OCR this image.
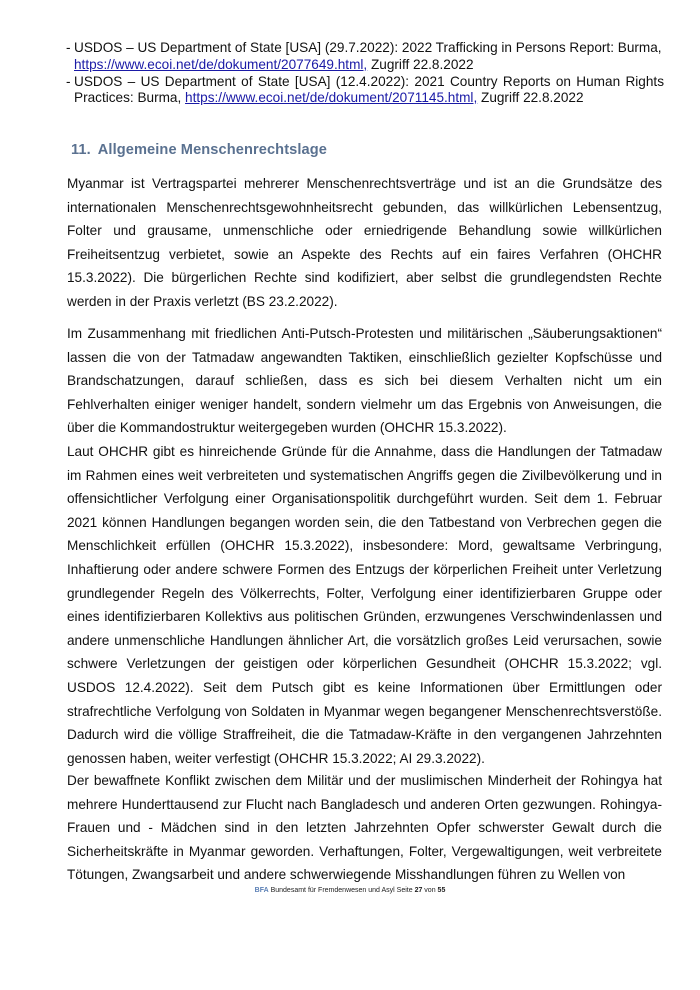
- USDOS – US Department of State [USA] (29.7.2022): 2022 Trafficking in Persons Report: Burma,
https://www.ecoi.net/de/dokument/2077649.html, Zugriff 22.8.2022
- USDOS – US Department of State [USA] (12.4.2022): 2021 Country Reports on Human Rights Practices: Burma, https://www.ecoi.net/de/dokument/2071145.html, Zugriff 22.8.2022
11. Allgemeine Menschenrechtslage

Myanmar ist Vertragspartei mehrerer Menschenrechtsverträge und ist an die Grundsätze des internationalen Menschenrechtsgewohnheitsrecht gebunden, das willkürlichen Lebensentzug, Folter und grausame, unmenschliche oder erniedrigende Behandlung sowie willkürlichen Freiheitsentzug verbietet, sowie an Aspekte des Rechts auf ein faires Verfahren (OHCHR 15.3.2022). Die bürgerlichen Rechte sind kodifiziert, aber selbst die grundlegendsten Rechte werden in der Praxis verletzt (BS 23.2.2022).

Im Zusammenhang mit friedlichen Anti-Putsch-Protesten und militärischen „Säuberungsaktionen“ lassen die von der Tatmadaw angewandten Taktiken, einschließlich gezielter Kopfschüsse und Brandschatzungen, darauf schließen, dass es sich bei diesem Verhalten nicht um ein Fehlverhalten einiger weniger handelt, sondern vielmehr um das Ergebnis von Anweisungen, die über die Kommandostruktur weitergegeben wurden (OHCHR 15.3.2022).

Laut OHCHR gibt es hinreichende Gründe für die Annahme, dass die Handlungen der Tatmadaw im Rahmen eines weit verbreiteten und systematischen Angriffs gegen die Zivilbevölkerung und in offensichtlicher Verfolgung einer Organisationspolitik durchgeführt wurden. Seit dem 1. Februar 2021 können Handlungen begangen worden sein, die den Tatbestand von Verbrechen gegen die Menschlichkeit erfüllen (OHCHR 15.3.2022), insbesondere: Mord, gewaltsame Verbringung, Inhaftierung oder andere schwere Formen des Entzugs der körperlichen Freiheit unter Verletzung grundlegender Regeln des Völkerrechts, Folter, Verfolgung einer identifizierbaren Gruppe oder eines identifizierbaren Kollektivs aus politischen Gründen, erzwungenes Verschwindenlassen und andere unmenschliche Handlungen ähnlicher Art, die vorsätzlich großes Leid verursachen, sowie schwere Verletzungen der geistigen oder körperlichen Gesundheit (OHCHR 15.3.2022; vgl. USDOS 12.4.2022). Seit dem Putsch gibt es keine Informationen über Ermittlungen oder strafrechtliche Verfolgung von Soldaten in Myanmar wegen begangener Menschenrechtsverstöße. Dadurch wird die völlige Straffreiheit, die die Tatmadaw-Kräfte in den vergangenen Jahrzehnten genossen haben, weiter verfestigt (OHCHR 15.3.2022; AI 29.3.2022).

Der bewaffnete Konflikt zwischen dem Militär und der muslimischen Minderheit der Rohingya hat mehrere Hunderttausend zur Flucht nach Bangladesch und anderen Orten gezwungen. Rohingya-Frauen und - Mädchen sind in den letzten Jahrzehnten Opfer schwerster Gewalt durch die Sicherheitskräfte in Myanmar geworden. Verhaftungen, Folter, Vergewaltigungen, weit verbreitete Tötungen, Zwangsarbeit und andere schwerwiegende Misshandlungen führen zu Wellen von

BFA Bundesamt für Fremdenwesen und Asyl Seite 27 von 55
